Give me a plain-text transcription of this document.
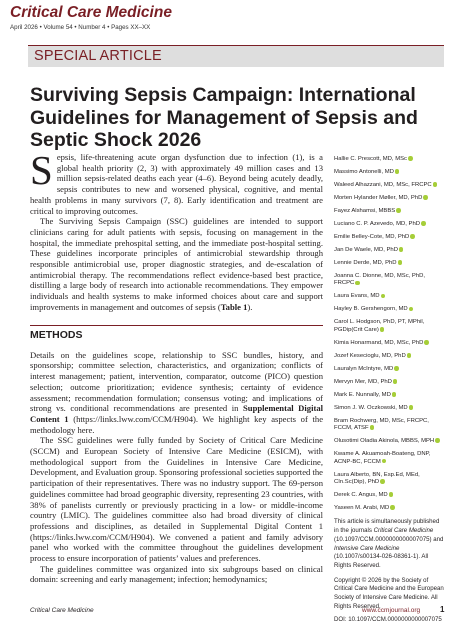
Critical Care Medicine
April 2026 • Volume 54 • Number 4 • Pages XX–XX
SPECIAL ARTICLE
Surviving Sepsis Campaign: International Guidelines for Management of Sepsis and Septic Shock 2026

Sepsis, life-threatening acute organ dysfunction due to infection (1), is a global health priority (2, 3) with approximately 49 million cases and 13 million sepsis-related deaths each year (4–6). Beyond being acutely deadly, sepsis contributes to new and worsened physical, cognitive, and mental health problems in many survivors (7, 8). Early identification and treatment are critical to improving outcomes.

The Surviving Sepsis Campaign (SSC) guidelines are intended to support clinicians caring for adult patients with sepsis, focusing on management in the hospital, the immediate prehospital setting, and the immediate post-hospital setting. These guidelines incorporate principles of antimicrobial stewardship through responsible antimicrobial use, proper diagnostic strategies, and de-escalation of antimicrobial therapy. The recommendations reflect evidence-based best practice, distilling a large body of research into actionable recommendations. They empower individuals and health systems to make informed choices about care and support improvements in management and outcomes of sepsis (Table 1).

METHODS

Details on the guidelines scope, relationship to SSC bundles, history, and sponsorship; committee selection, characteristics, and organization; conflicts of interest management; patient, intervention, comparator, outcome (PICO) question selection; outcome prioritization; evidence synthesis; certainty of evidence assessment; recommendation formulation; consensus voting; and implications of strong vs. conditional recommendations are presented in Supplemental Digital Content 1 (https://links.lww.com/CCM/H904). We highlight key aspects of the methodology here.

The SSC guidelines were fully funded by Society of Critical Care Medicine (SCCM) and European Society of Intensive Care Medicine (ESICM), with methodological support from the Guidelines in Intensive Care Medicine, Development, and Evaluation group. Sponsoring professional societies supported the participation of their representatives. There was no industry support. The 69-person guidelines committee had broad geographic diversity, representing 23 countries, with 38% of panelists currently or previously practicing in a low- or middle-income country (LMIC). The guidelines committee also had broad diversity of clinical professions and disciplines, as detailed in Supplemental Digital Content 1 (https://links.lww.com/CCM/H904). We convened a patient and family advisory panel who worked with the committee throughout the guidelines development process to ensure incorporation of patients’ values and preferences.

The guidelines committee was organized into six subgroups based on clinical domain: screening and early management; infection; hemodynamics;

Hallie C. Prescott, MD, MSc

Massimo Antonelli, MD

Waleed Alhazzani, MD, MSc, FRCPC

Morten Hylander Møller, MD, PhD

Fayez Alshamsi, MBBS

Luciano C. P. Azevedo, MD, PhD

Emilie Belley-Cote, MD, PhD

Jan De Waele, MD, PhD

Lennie Derde, MD, PhD

Joanna C. Dionne, MD, MSc, PhD, FRCPC

Laura Evans, MD

Hayley B. Gershengorn, MD

Carol L. Hodgson, PhD, PT, MPhil, PGDip(Crit Care)

Kimia Honarmand, MD, MSc, PhD

Jozef Kesecioglu, MD, PhD

Lauralyn McIntyre, MD

Mervyn Mer, MD, PhD

Mark E. Nunnally, MD

Simon J. W. Oczkowski, MD

Bram Rochwerg, MD, MSc, FRCPC, FCCM, ATSF

Olusotimi Oladia Akinola, MBBS, MPH

Kwame A. Akuamoah-Boateng, DNP, ACNP-BC, FCCM

Laura Alberto, BN, Esp.Ed, MEd, CIn.Sc(Dip), PhD

Derek C. Angus, MD

Yaseen M. Arabi, MD

This article is simultaneously published in the journals Critical Care Medicine (10.1097/CCM.0000000000007075) and Intensive Care Medicine (10.1007/s00134-026-08361-1). All Rights Reserved.

Copyright © 2026 by the Society of Critical Care Medicine and the European Society of Intensive Care Medicine. All Rights Reserved.

DOI: 10.1097/CCM.0000000000007075
Critical Care Medicine	www.ccmjournal.org 1
